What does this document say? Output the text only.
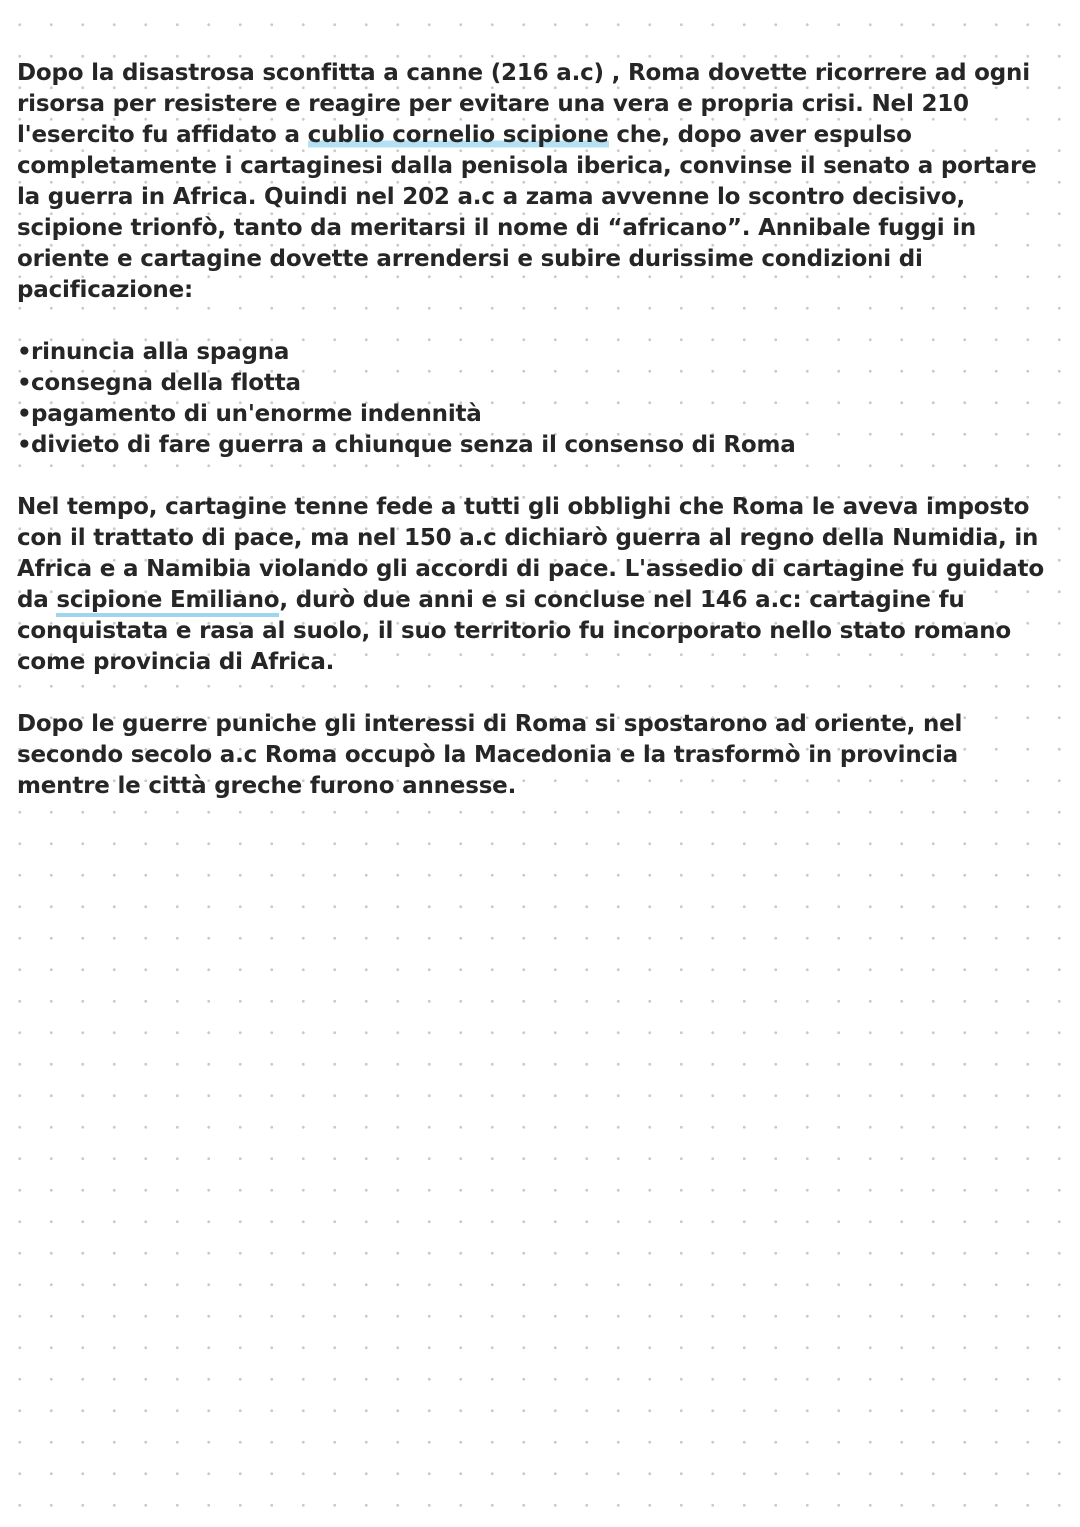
Dopo la disastrosa sconfitta a canne (216 a.c) , Roma dovette ricorrere ad ogni risorsa per resistere e reagire per evitare una vera e propria crisi. Nel 210 l'esercito fu affidato a cublio cornelio scipione che, dopo aver espulso completamente i cartaginesi dalla penisola iberica, convinse il senato a portare la guerra in Africa. Quindi nel 202 a.c a zama avvenne lo scontro decisivo, scipione trionfò, tanto da meritarsi il nome di “africano”. Annibale fuggi in oriente e cartagine dovette arrendersi e subire durissime condizioni di pacificazione:

•rinuncia alla spagna
•consegna della flotta
•pagamento di un'enorme indennità
•divieto di fare guerra a chiunque senza il consenso di Roma

Nel tempo, cartagine tenne fede a tutti gli obblighi che Roma le aveva imposto con il trattato di pace, ma nel 150 a.c dichiarò guerra al regno della Numidia, in Africa e a Namibia violando gli accordi di pace. L'assedio di cartagine fu guidato da scipione Emiliano, durò due anni e si concluse nel 146 a.c: cartagine fu conquistata e rasa al suolo, il suo territorio fu incorporato nello stato romano come provincia di Africa.

Dopo le guerre puniche gli interessi di Roma si spostarono ad oriente, nel secondo secolo a.c Roma occupò la Macedonia e la trasformò in provincia mentre le città greche furono annesse.
